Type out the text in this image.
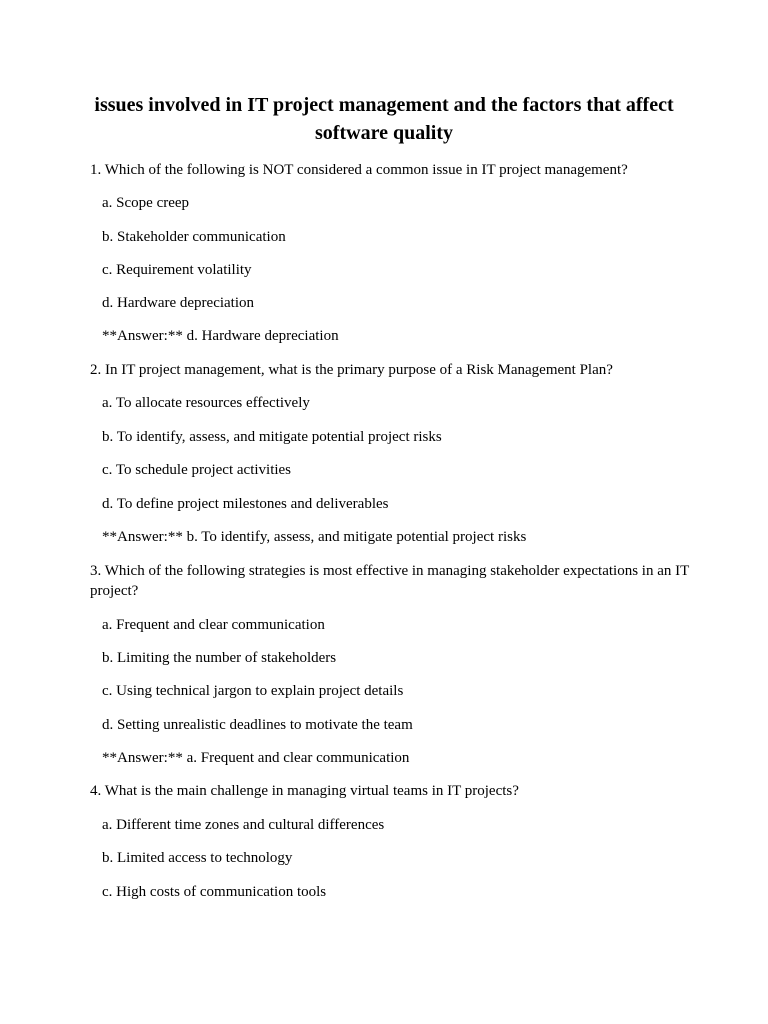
issues involved in IT project management and the factors that affect software quality

1. Which of the following is NOT considered a common issue in IT project management?

a. Scope creep

b. Stakeholder communication

c. Requirement volatility

d. Hardware depreciation

**Answer:** d. Hardware depreciation

2. In IT project management, what is the primary purpose of a Risk Management Plan?

a. To allocate resources effectively

b. To identify, assess, and mitigate potential project risks

c. To schedule project activities

d. To define project milestones and deliverables

**Answer:** b. To identify, assess, and mitigate potential project risks

3. Which of the following strategies is most effective in managing stakeholder expectations in an IT project?

a. Frequent and clear communication

b. Limiting the number of stakeholders

c. Using technical jargon to explain project details

d. Setting unrealistic deadlines to motivate the team

**Answer:** a. Frequent and clear communication

4. What is the main challenge in managing virtual teams in IT projects?

a. Different time zones and cultural differences

b. Limited access to technology

c. High costs of communication tools
